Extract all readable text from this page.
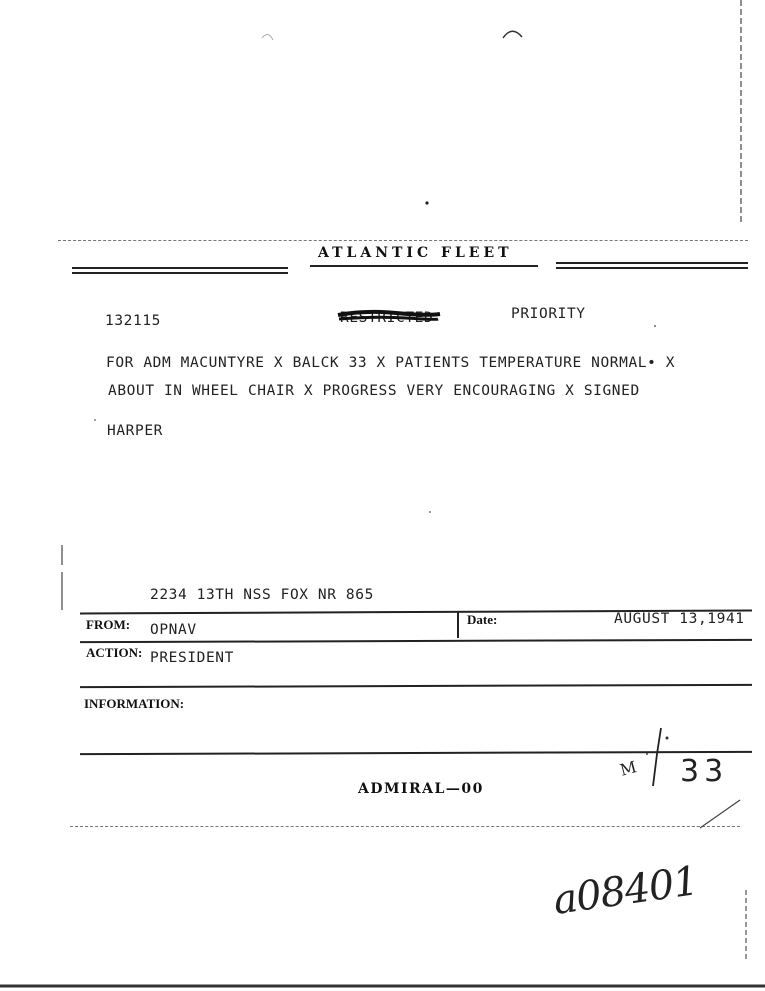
ATLANTIC FLEET
132115	RESTRICTED	PRIORITY
FOR ADM MACUNTYRE X BALCK 33 X PATIENTS TEMPERATURE NORMAL• X
ABOUT IN WHEEL CHAIR X PROGRESS VERY ENCOURAGING X SIGNED
HARPER
2234 13TH NSS FOX NR 865
FROM: OPNAV
Date:	AUGUST 13,1941
ACTION: PRESIDENT
INFORMATION:
M 33
ADMIRAL—00
a08401
